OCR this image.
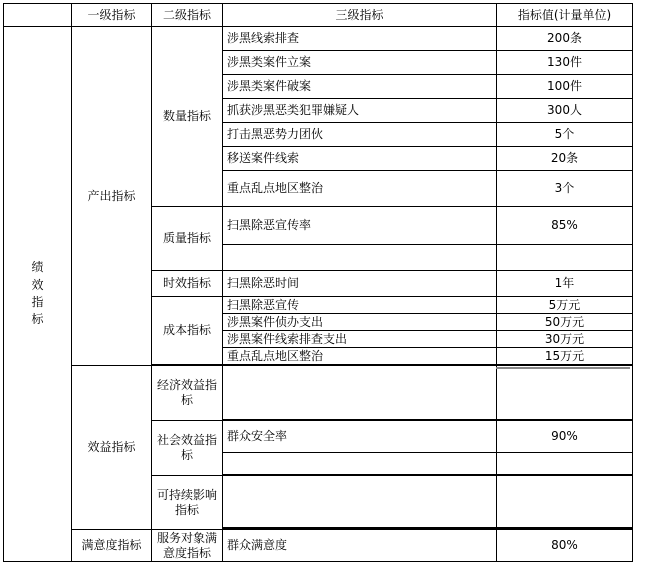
	一级指标	二级指标	三级指标	指标值(计量单位)

绩效指标	产出指标	数量指标	涉黑线索排查	200条
			涉黑类案件立案	130件
			涉黑类案件破案	100件
			抓获涉黑恶类犯罪嫌疑人	300人
			打击黑恶势力团伙	5个
			移送案件线索	20条
			重点乱点地区整治	3个
		质量指标	扫黑除恶宣传率	85%

		时效指标	扫黑除恶时间	1年
		成本指标	扫黑除恶宣传	5万元
			涉黑案件侦办支出	50万元
			涉黑案件线索排查支出	30万元
			重点乱点地区整治	15万元

	效益指标	经济效益指标		

		社会效益指标	群众安全率	90%

		可持续影响指标		

	满意度指标	服务对象满意度指标	群众满意度	80%
